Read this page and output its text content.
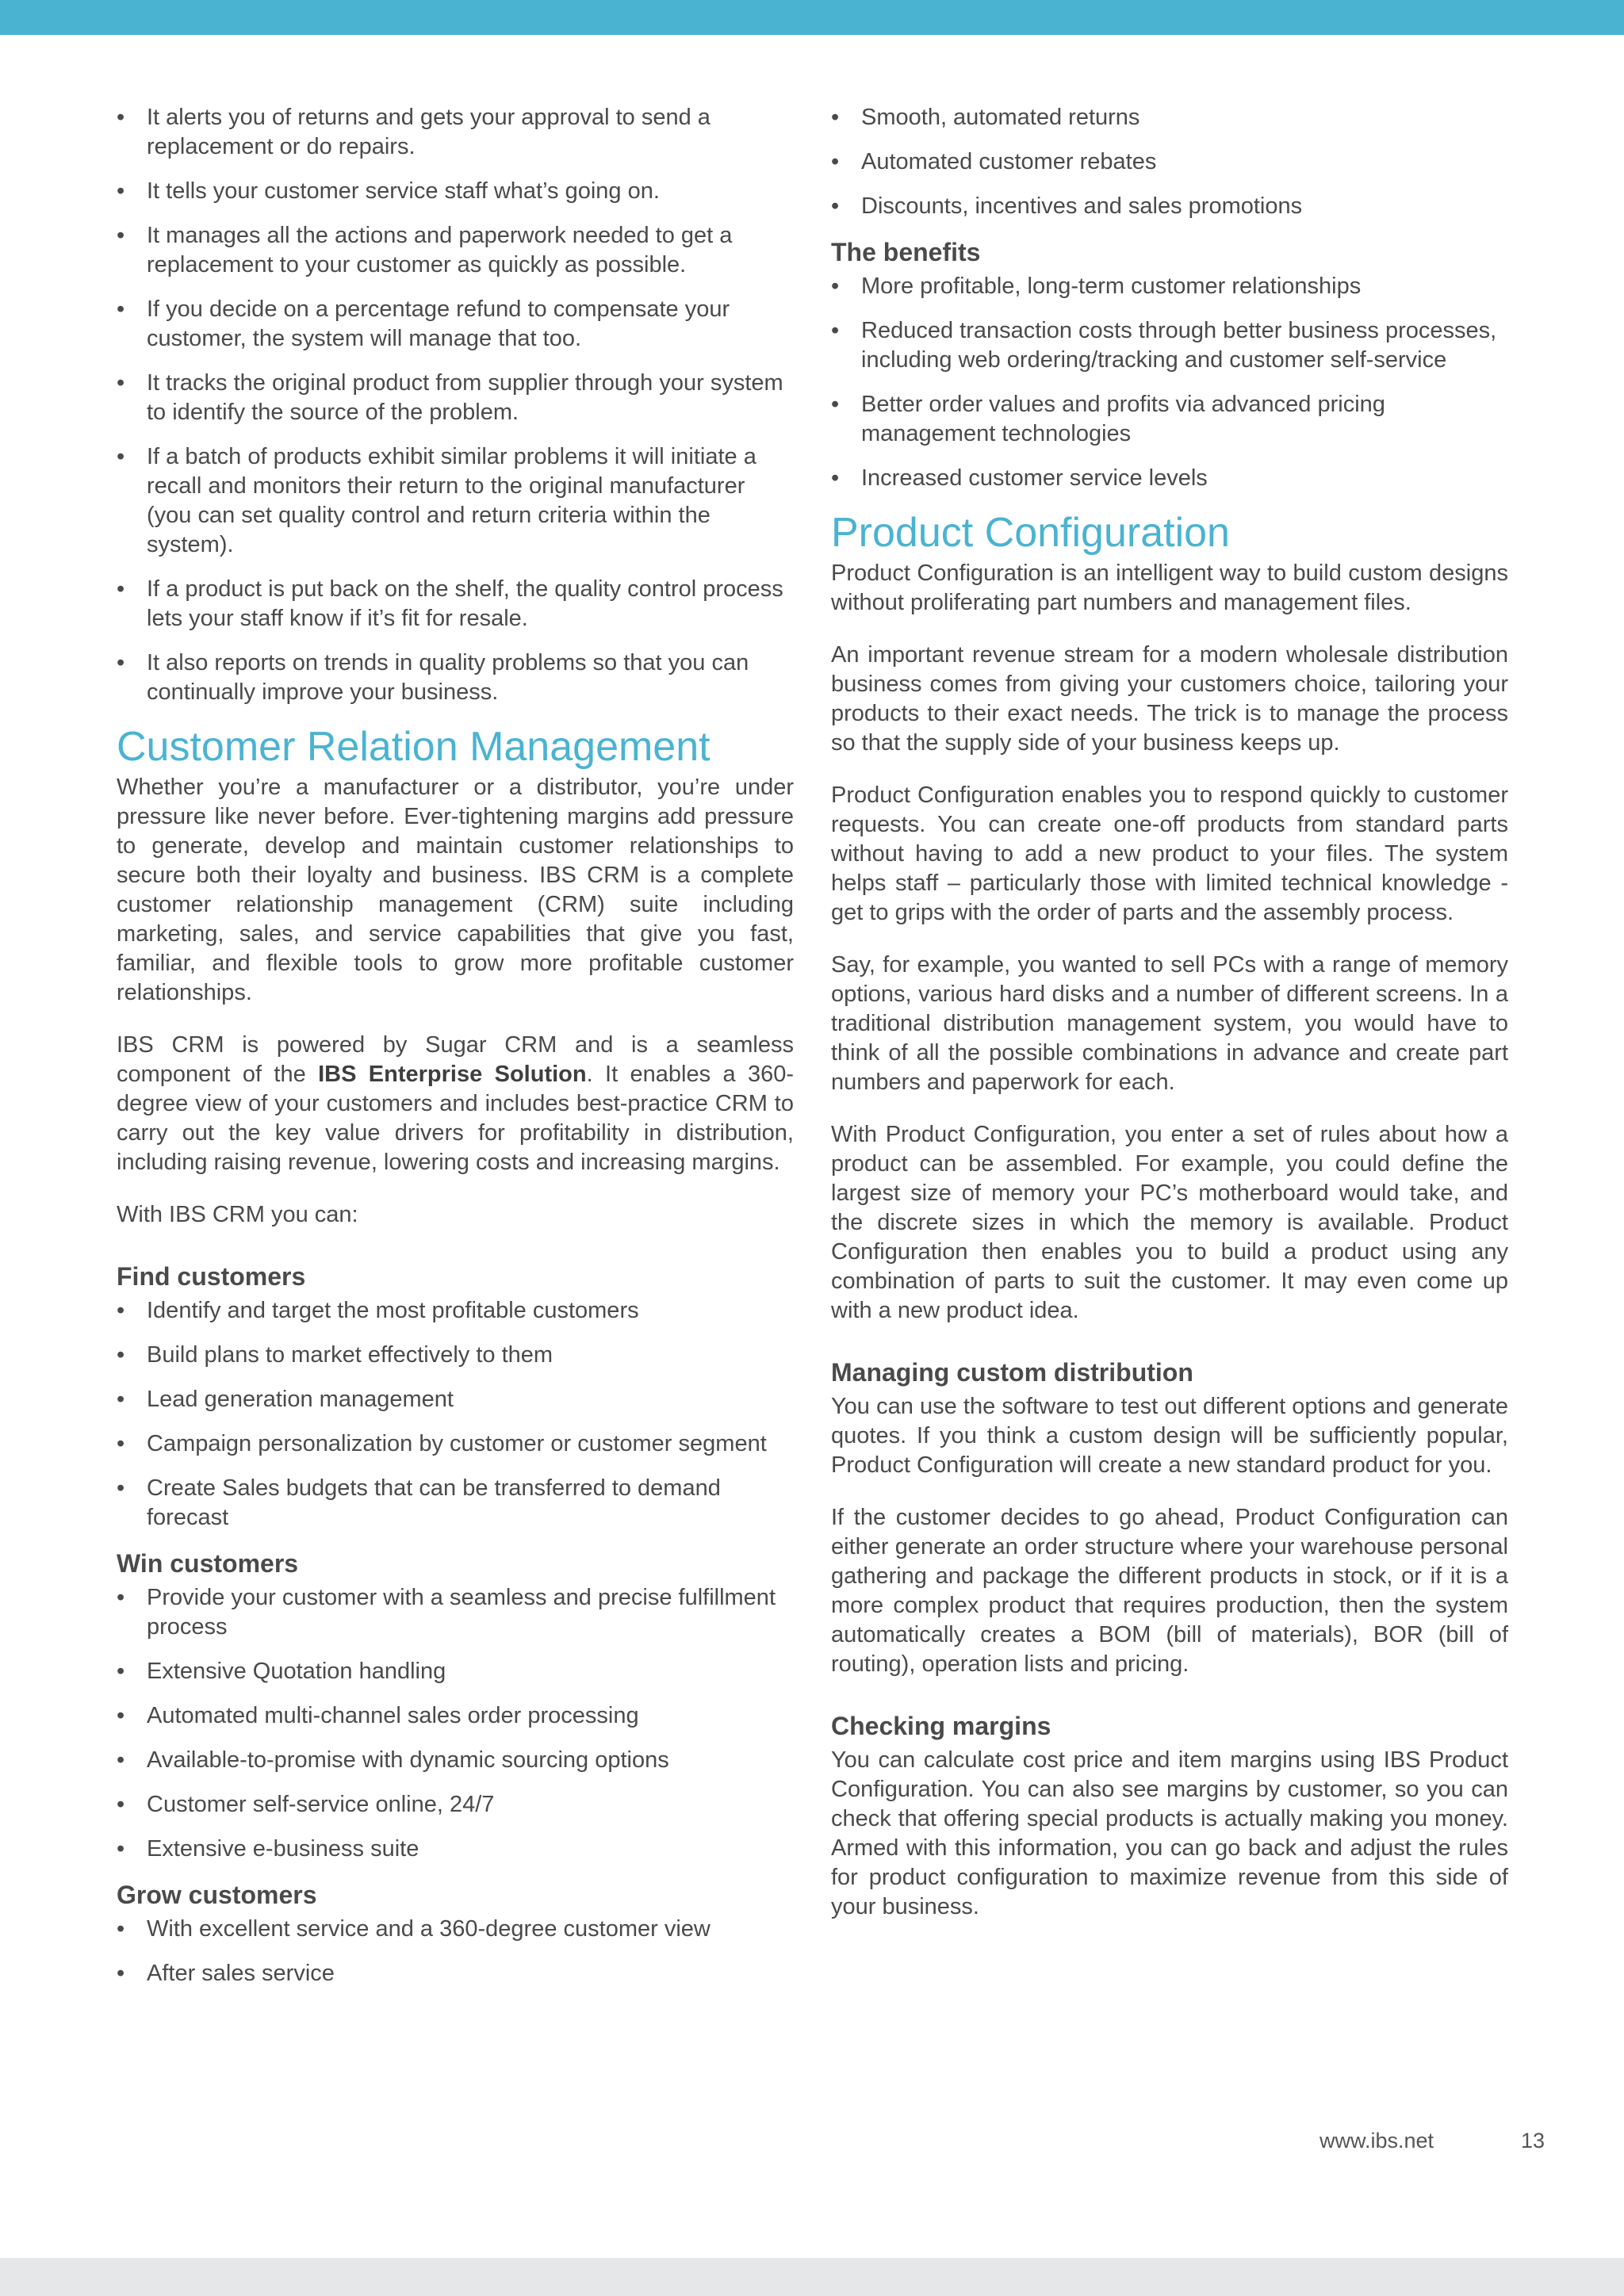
• It alerts you of returns and gets your approval to send a replacement or do repairs.
• It tells your customer service staff what’s going on.
• It manages all the actions and paperwork needed to get a replacement to your customer as quickly as possible.
• If you decide on a percentage refund to compensate your customer, the system will manage that too.
• It tracks the original product from supplier through your system to identify the source of the problem.
• If a batch of products exhibit similar problems it will initiate a recall and monitors their return to the original manufacturer (you can set quality control and return criteria within the system).
• If a product is put back on the shelf, the quality control process lets your staff know if it’s fit for resale.
• It also reports on trends in quality problems so that you can continually improve your business.
Customer Relation Management

Whether you’re a manufacturer or a distributor, you’re under pressure like never before. Ever-tightening margins add pressure to generate, develop and maintain customer relationships to secure both their loyalty and business. IBS CRM is a complete customer relationship management (CRM) suite including marketing, sales, and service capabilities that give you fast, familiar, and flexible tools to grow more profitable customer relationships.

IBS CRM is powered by Sugar CRM and is a seamless component of the IBS Enterprise Solution. It enables a 360-degree view of your customers and includes best-practice CRM to carry out the key value drivers for profitability in distribution, including raising revenue, lowering costs and increasing margins.

With IBS CRM you can:

Find customers
• Identify and target the most profitable customers
• Build plans to market effectively to them
• Lead generation management
• Campaign personalization by customer or customer segment
• Create Sales budgets that can be transferred to demand forecast
Win customers
• Provide your customer with a seamless and precise fulfillment process
• Extensive Quotation handling
• Automated multi-channel sales order processing
• Available-to-promise with dynamic sourcing options
• Customer self-service online, 24/7
• Extensive e-business suite
Grow customers
• With excellent service and a 360-degree customer view
• After sales service
• Smooth, automated returns
• Automated customer rebates
• Discounts, incentives and sales promotions
The benefits
• More profitable, long-term customer relationships
• Reduced transaction costs through better business processes, including web ordering/tracking and customer self-service
• Better order values and profits via advanced pricing management technologies
• Increased customer service levels
Product Configuration

Product Configuration is an intelligent way to build custom designs without proliferating part numbers and management files.

An important revenue stream for a modern wholesale distribution business comes from giving your customers choice, tailoring your products to their exact needs. The trick is to manage the process so that the supply side of your business keeps up.

Product Configuration enables you to respond quickly to customer requests. You can create one-off products from standard parts without having to add a new product to your files. The system helps staff – particularly those with limited technical knowledge - get to grips with the order of parts and the assembly process.

Say, for example, you wanted to sell PCs with a range of memory options, various hard disks and a number of different screens. In a traditional distribution management system, you would have to think of all the possible combinations in advance and create part numbers and paperwork for each.

With Product Configuration, you enter a set of rules about how a product can be assembled. For example, you could define the largest size of memory your PC’s motherboard would take, and the discrete sizes in which the memory is available. Product Configuration then enables you to build a product using any combination of parts to suit the customer. It may even come up with a new product idea.

Managing custom distribution

You can use the software to test out different options and generate quotes. If you think a custom design will be sufficiently popular, Product Configuration will create a new standard product for you.

If the customer decides to go ahead, Product Configuration can either generate an order structure where your warehouse personal gathering and package the different products in stock, or if it is a more complex product that requires production, then the system automatically creates a BOM (bill of materials), BOR (bill of routing), operation lists and pricing.

Checking margins

You can calculate cost price and item margins using IBS Product Configuration. You can also see margins by customer, so you can check that offering special products is actually making you money. Armed with this information, you can go back and adjust the rules for product configuration to maximize revenue from this side of your business.

www.ibs.net	13
